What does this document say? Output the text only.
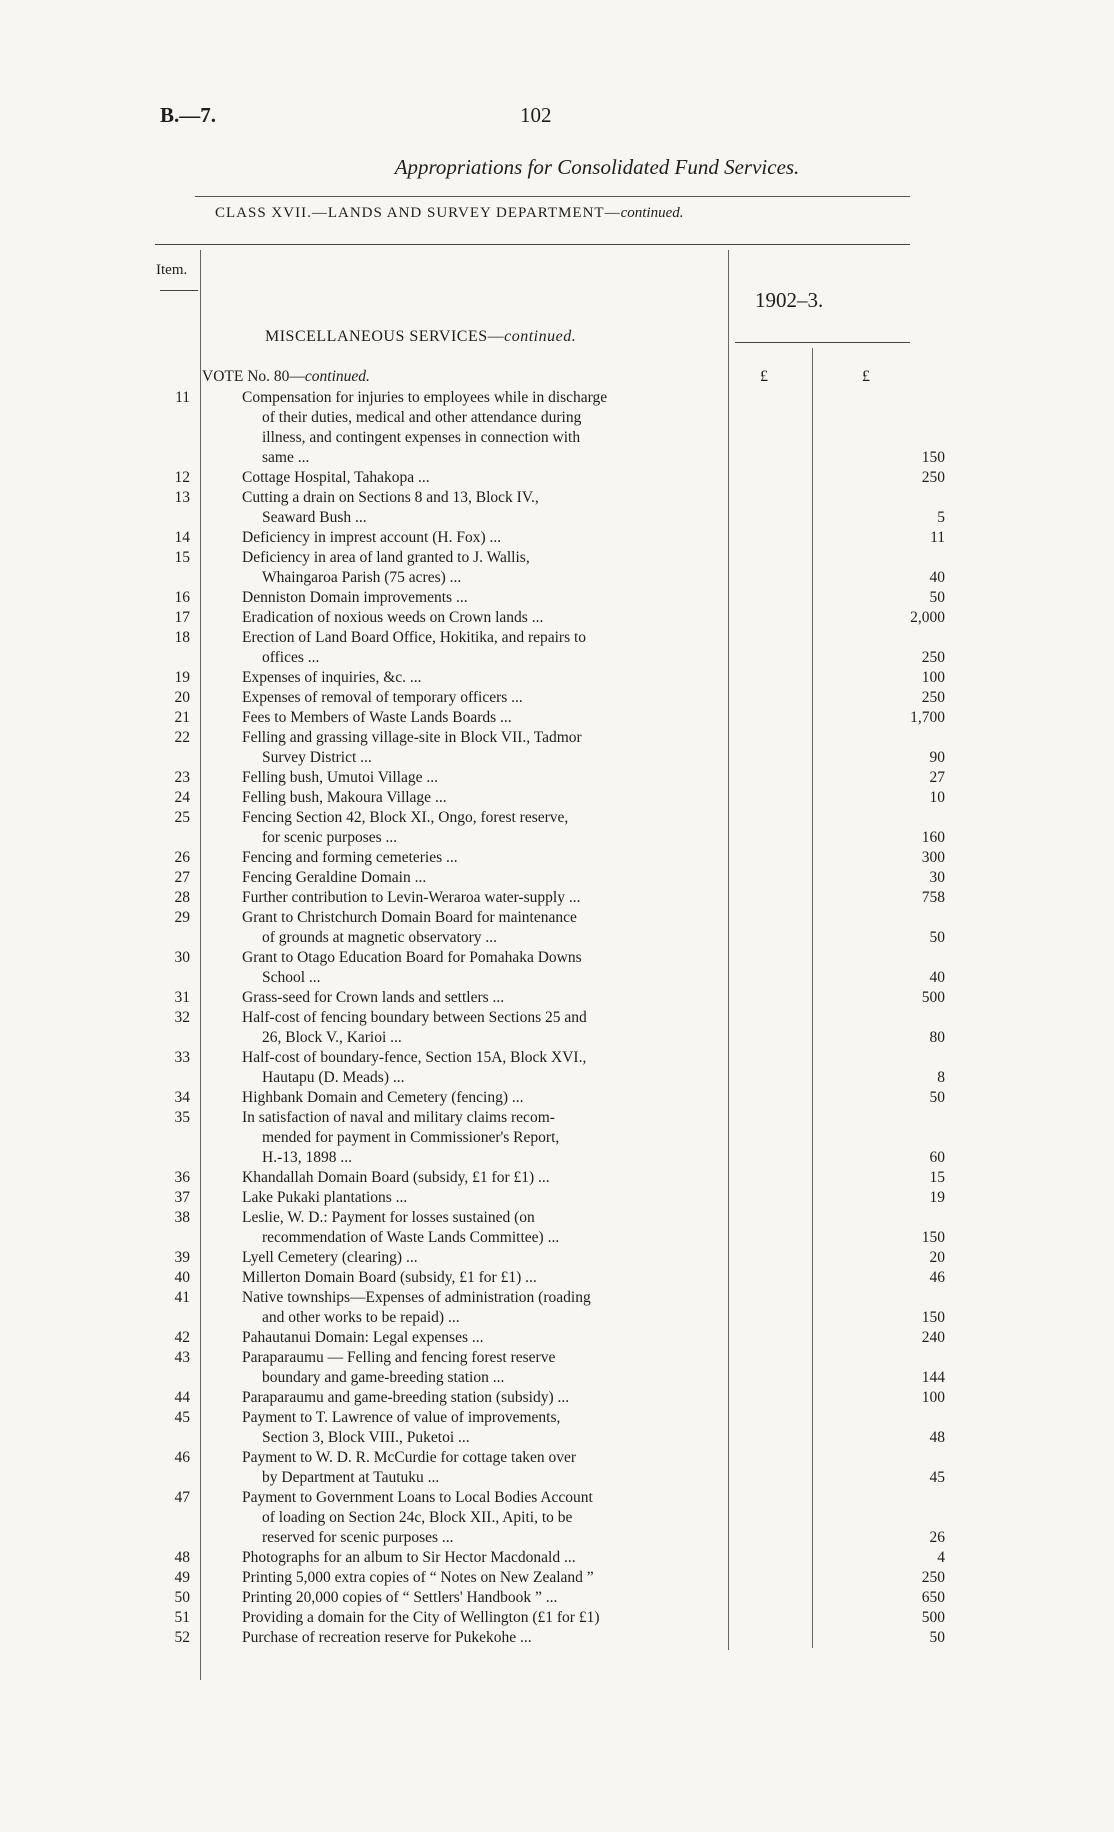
B.—7.	102
Appropriations for Consolidated Fund Services.
CLASS XVII.—LANDS AND SURVEY DEPARTMENT—continued.
Item.
1902–3.
MISCELLANEOUS SERVICES—continued.
VOTE No. 80—continued.	£	£
11	Compensation for injuries to employees while in discharge
of their duties, medical and other attendance during
illness, and contingent expenses in connection with
same ...	150
12	Cottage Hospital, Tahakopa ...	250
13	Cutting a drain on Sections 8 and 13, Block IV.,
Seaward Bush ...	5
14	Deficiency in imprest account (H. Fox) ...	11
15	Deficiency in area of land granted to J. Wallis,
Whaingaroa Parish (75 acres) ...	40
16	Denniston Domain improvements ...	50
17	Eradication of noxious weeds on Crown lands ...	2,000
18	Erection of Land Board Office, Hokitika, and repairs to
offices ...	250
19	Expenses of inquiries, &c. ...	100
20	Expenses of removal of temporary officers ...	250
21	Fees to Members of Waste Lands Boards ...	1,700
22	Felling and grassing village-site in Block VII., Tadmor
Survey District ...	90
23	Felling bush, Umutoi Village ...	27
24	Felling bush, Makoura Village ...	10
25	Fencing Section 42, Block XI., Ongo, forest reserve,
for scenic purposes ...	160
26	Fencing and forming cemeteries ...	300
27	Fencing Geraldine Domain ...	30
28	Further contribution to Levin-Weraroa water-supply ...	758
29	Grant to Christchurch Domain Board for maintenance
of grounds at magnetic observatory ...	50
30	Grant to Otago Education Board for Pomahaka Downs
School ...	40
31	Grass-seed for Crown lands and settlers ...	500
32	Half-cost of fencing boundary between Sections 25 and
26, Block V., Karioi ...	80
33	Half-cost of boundary-fence, Section 15A, Block XVI.,
Hautapu (D. Meads) ...	8
34	Highbank Domain and Cemetery (fencing) ...	50
35	In satisfaction of naval and military claims recom-
mended for payment in Commissioner's Report,
H.-13, 1898 ...	60
36	Khandallah Domain Board (subsidy, £1 for £1) ...	15
37	Lake Pukaki plantations ...	19
38	Leslie, W. D.: Payment for losses sustained (on
recommendation of Waste Lands Committee) ...	150
39	Lyell Cemetery (clearing) ...	20
40	Millerton Domain Board (subsidy, £1 for £1) ...	46
41	Native townships—Expenses of administration (roading
and other works to be repaid) ...	150
42	Pahautanui Domain: Legal expenses ...	240
43	Paraparaumu — Felling and fencing forest reserve
boundary and game-breeding station ...	144
44	Paraparaumu and game-breeding station (subsidy) ...	100
45	Payment to T. Lawrence of value of improvements,
Section 3, Block VIII., Puketoi ...	48
46	Payment to W. D. R. McCurdie for cottage taken over
by Department at Tautuku ...	45
47	Payment to Government Loans to Local Bodies Account
of loading on Section 24c, Block XII., Apiti, to be
reserved for scenic purposes ...	26
48	Photographs for an album to Sir Hector Macdonald ...	4
49	Printing 5,000 extra copies of “ Notes on New Zealand ”	250
50	Printing 20,000 copies of “ Settlers' Handbook ” ...	650
51	Providing a domain for the City of Wellington (£1 for £1)	500
52	Purchase of recreation reserve for Pukekohe ...	50
